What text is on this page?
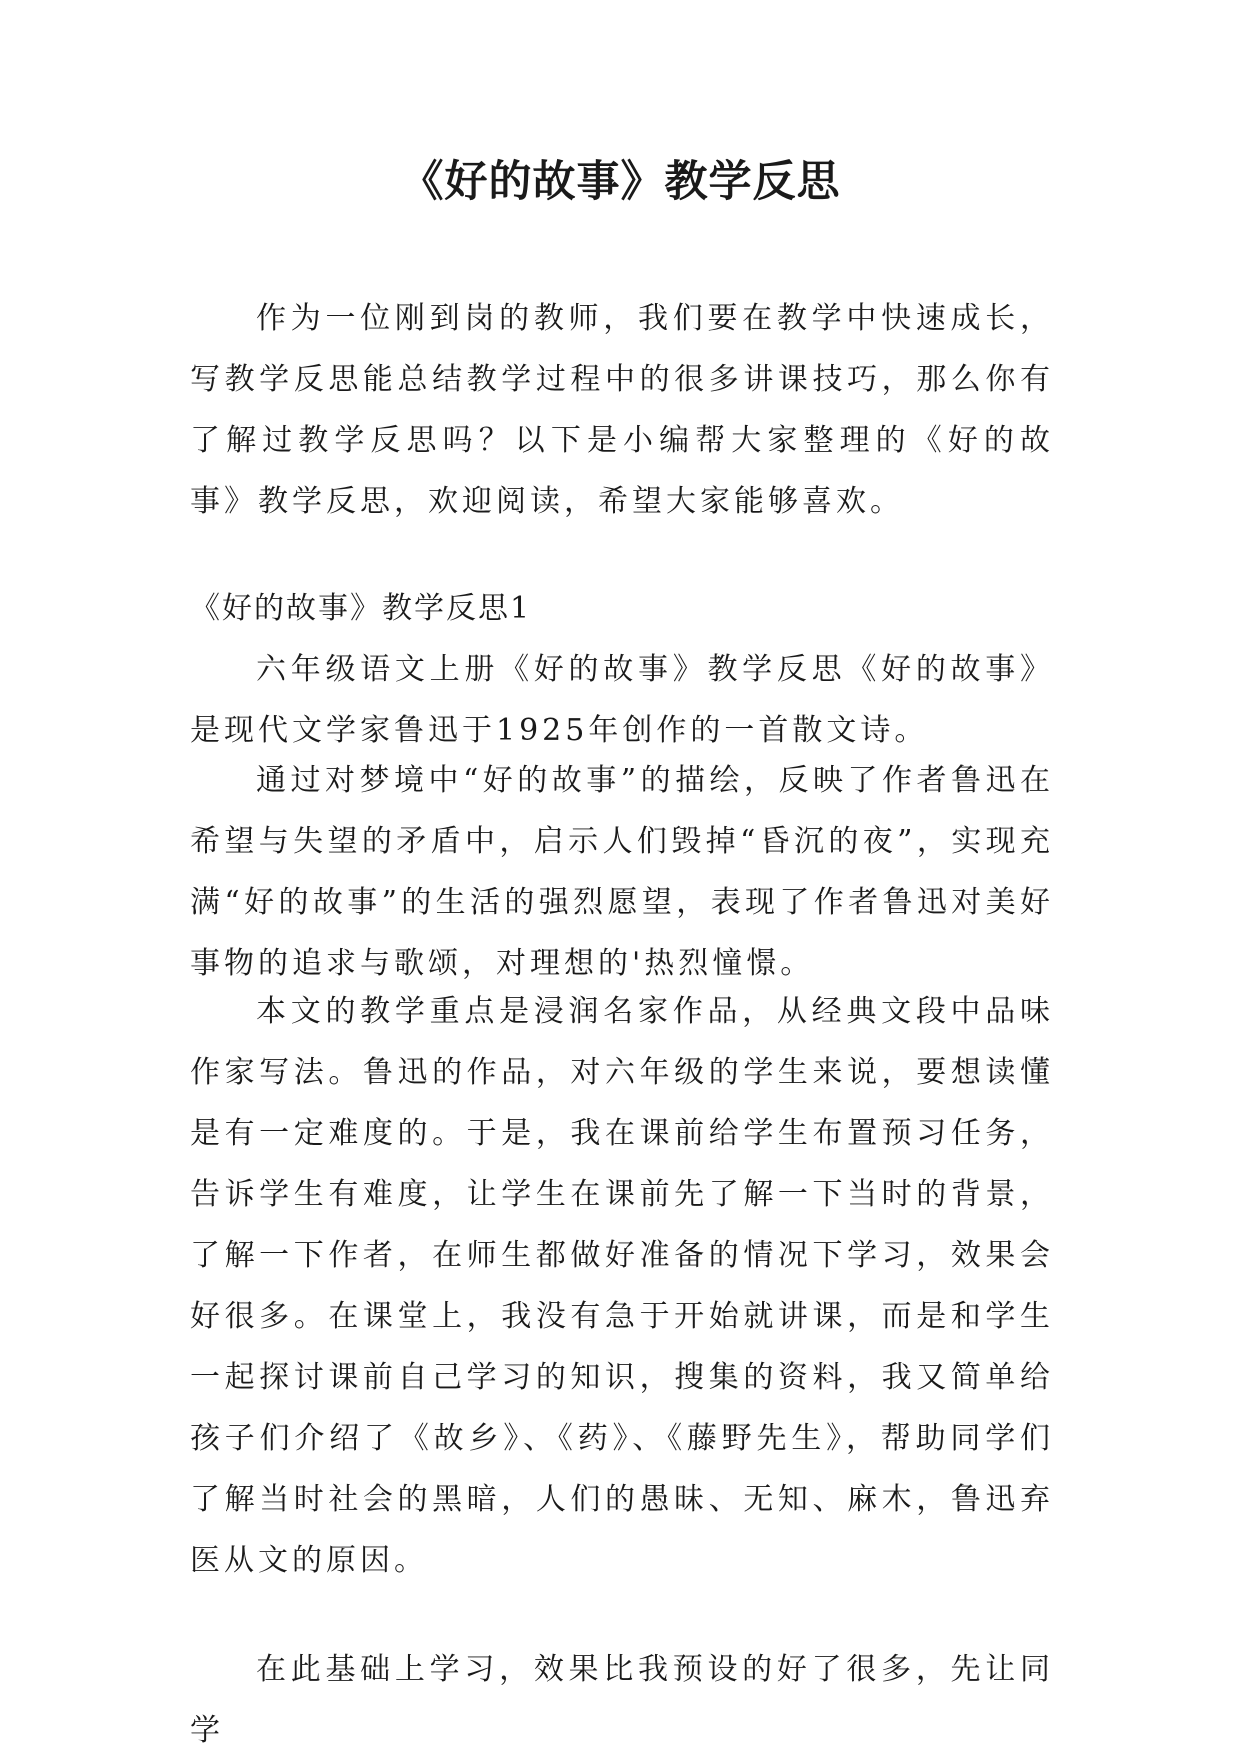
《好的故事》教学反思

作为一位刚到岗的教师，我们要在教学中快速成长，写教学反思能总结教学过程中的很多讲课技巧，那么你有了解过教学反思吗？以下是小编帮大家整理的《好的故事》教学反思，欢迎阅读，希望大家能够喜欢。

《好的故事》教学反思1

六年级语文上册《好的故事》教学反思《好的故事》是现代文学家鲁迅于1925年创作的一首散文诗。

通过对梦境中“好的故事”的描绘，反映了作者鲁迅在希望与失望的矛盾中，启示人们毁掉“昏沉的夜”，实现充满“好的故事”的生活的强烈愿望，表现了作者鲁迅对美好事物的追求与歌颂，对理想的'热烈憧憬。

本文的教学重点是浸润名家作品，从经典文段中品味作家写法。鲁迅的作品，对六年级的学生来说，要想读懂是有一定难度的。于是，我在课前给学生布置预习任务，告诉学生有难度，让学生在课前先了解一下当时的背景，了解一下作者，在师生都做好准备的情况下学习，效果会好很多。在课堂上，我没有急于开始就讲课，而是和学生一起探讨课前自己学习的知识，搜集的资料，我又简单给孩子们介绍了《故乡》、《药》、《藤野先生》，帮助同学们了解当时社会的黑暗，人们的愚昧、无知、麻木，鲁迅弃医从文的原因。

在此基础上学习，效果比我预设的好了很多，先让同学
